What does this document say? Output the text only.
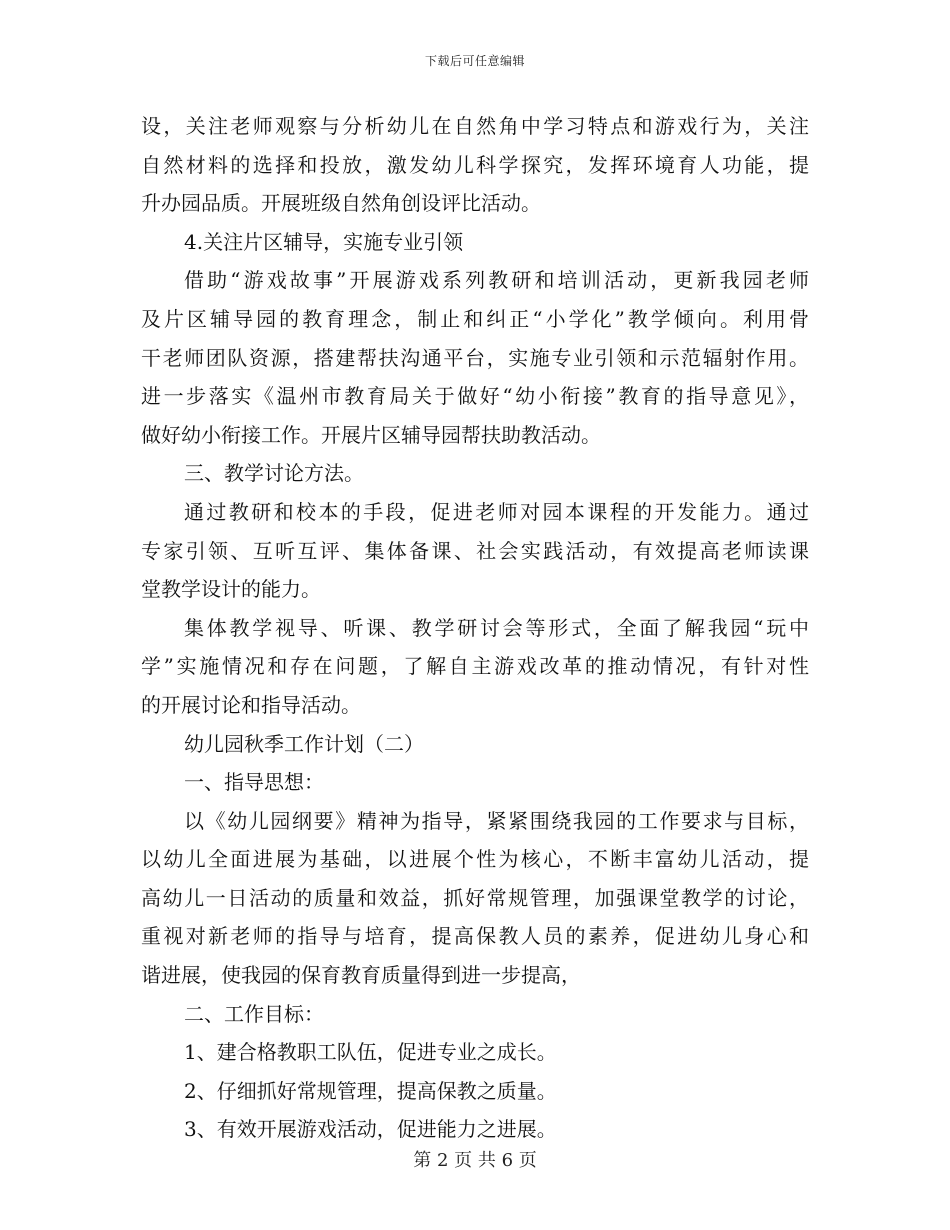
下载后可任意编辑
设，关注老师观察与分析幼儿在自然角中学习特点和游戏行为，关注
自然材料的选择和投放，激发幼儿科学探究，发挥环境育人功能，提
升办园品质。开展班级自然角创设评比活动。
4.关注片区辅导，实施专业引领
借助“游戏故事”开展游戏系列教研和培训活动，更新我园老师
及片区辅导园的教育理念，制止和纠正“小学化”教学倾向。利用骨
干老师团队资源，搭建帮扶沟通平台，实施专业引领和示范辐射作用。
进一步落实《温州市教育局关于做好“幼小衔接”教育的指导意见》，
做好幼小衔接工作。开展片区辅导园帮扶助教活动。
三、教学讨论方法。
通过教研和校本的手段，促进老师对园本课程的开发能力。通过
专家引领、互听互评、集体备课、社会实践活动，有效提高老师读课
堂教学设计的能力。
集体教学视导、听课、教学研讨会等形式，全面了解我园“玩中
学”实施情况和存在问题，了解自主游戏改革的推动情况，有针对性
的开展讨论和指导活动。
幼儿园秋季工作计划（二）
一、指导思想：
以《幼儿园纲要》精神为指导，紧紧围绕我园的工作要求与目标，
以幼儿全面进展为基础，以进展个性为核心，不断丰富幼儿活动，提
高幼儿一日活动的质量和效益，抓好常规管理，加强课堂教学的讨论，
重视对新老师的指导与培育，提高保教人员的素养，促进幼儿身心和
谐进展，使我园的保育教育质量得到进一步提高，
二、工作目标：
1、建合格教职工队伍，促进专业之成长。
2、仔细抓好常规管理，提高保教之质量。
3、有效开展游戏活动，促进能力之进展。
第 2 页 共 6 页
